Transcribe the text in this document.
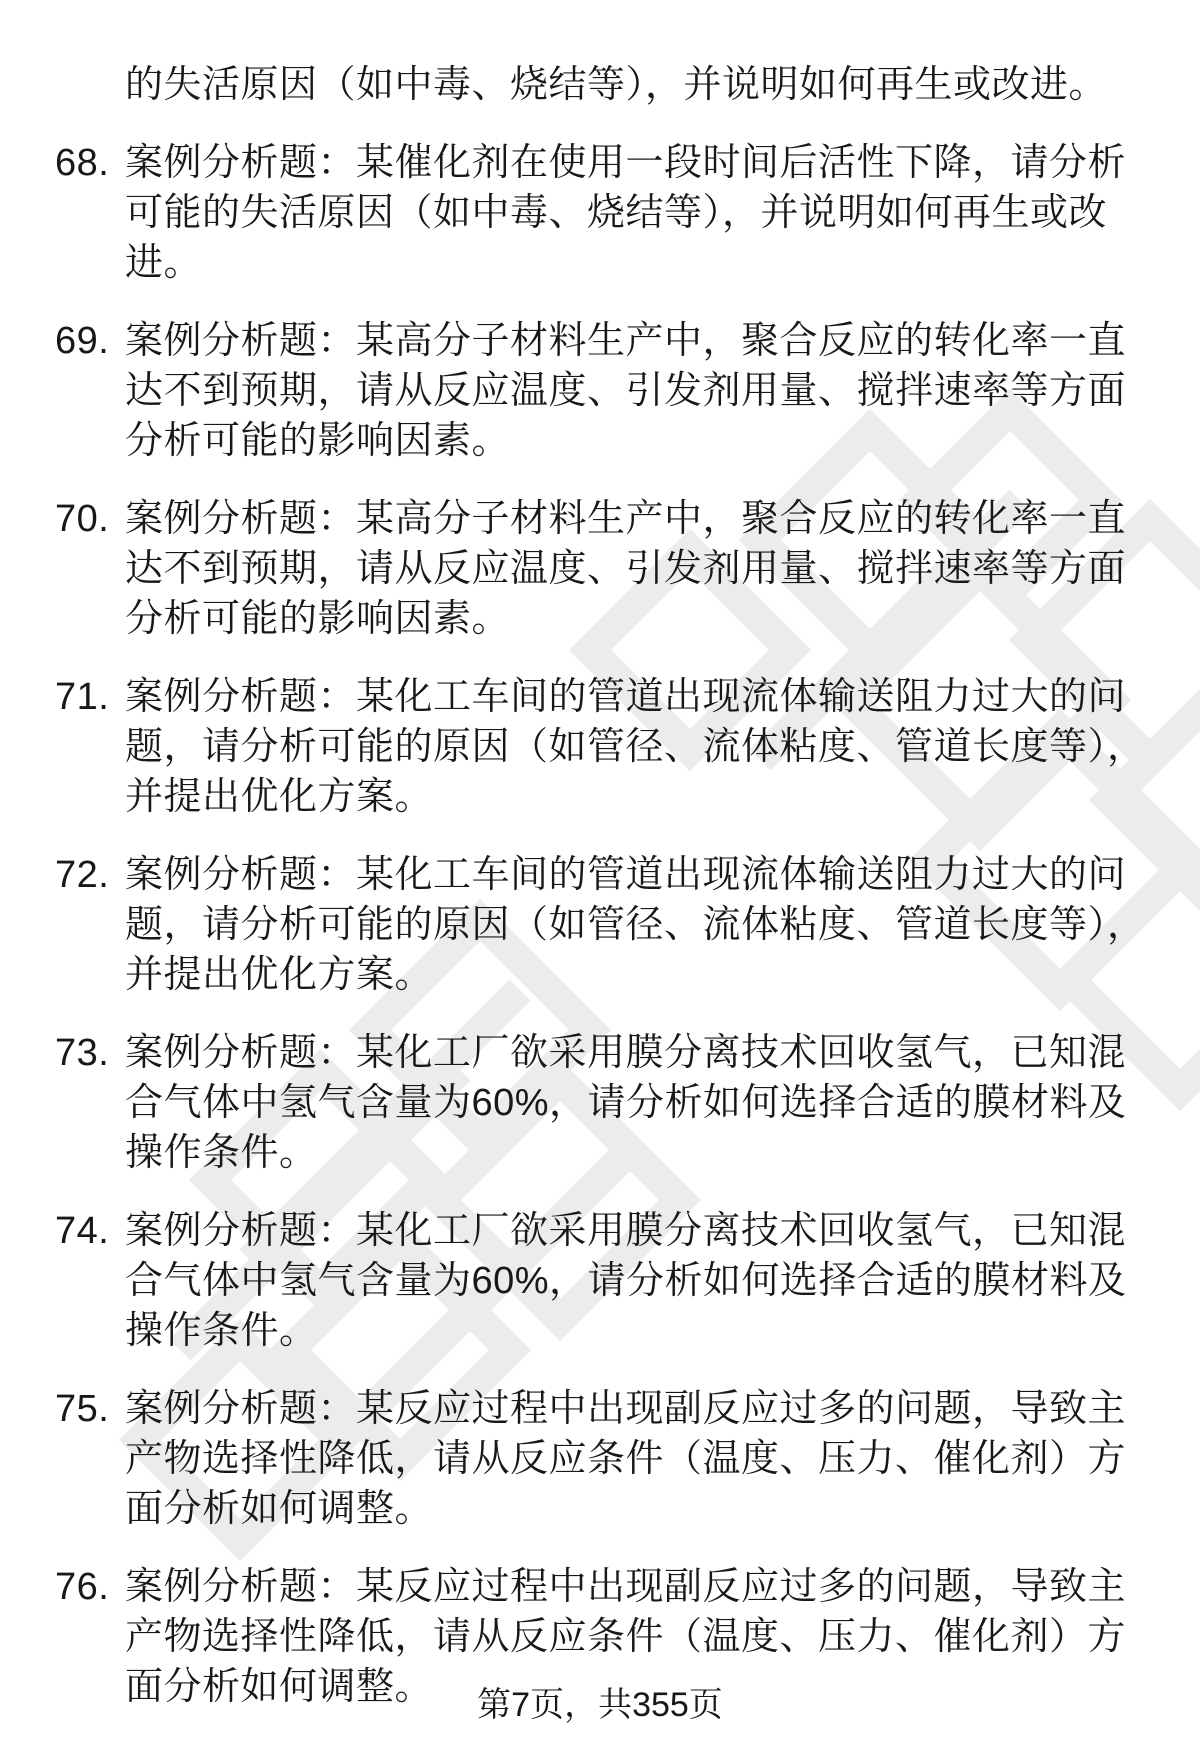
的失活原因（如中毒、烧结等），并说明如何再生或改进。
68. 案例分析题：某催化剂在使用一段时间后活性下降，请分析可能的失活原因（如中毒、烧结等），并说明如何再生或改进。
69. 案例分析题：某高分子材料生产中，聚合反应的转化率一直达不到预期，请从反应温度、引发剂用量、搅拌速率等方面分析可能的影响因素。
70. 案例分析题：某高分子材料生产中，聚合反应的转化率一直达不到预期，请从反应温度、引发剂用量、搅拌速率等方面分析可能的影响因素。
71. 案例分析题：某化工车间的管道出现流体输送阻力过大的问题，请分析可能的原因（如管径、流体粘度、管道长度等），并提出优化方案。
72. 案例分析题：某化工车间的管道出现流体输送阻力过大的问题，请分析可能的原因（如管径、流体粘度、管道长度等），并提出优化方案。
73. 案例分析题：某化工厂欲采用膜分离技术回收氢气，已知混合气体中氢气含量为60%，请分析如何选择合适的膜材料及操作条件。
74. 案例分析题：某化工厂欲采用膜分离技术回收氢气，已知混合气体中氢气含量为60%，请分析如何选择合适的膜材料及操作条件。
75. 案例分析题：某反应过程中出现副反应过多的问题，导致主产物选择性降低，请从反应条件（温度、压力、催化剂）方面分析如何调整。
76. 案例分析题：某反应过程中出现副反应过多的问题，导致主产物选择性降低，请从反应条件（温度、压力、催化剂）方面分析如何调整。	第7页，共355页
